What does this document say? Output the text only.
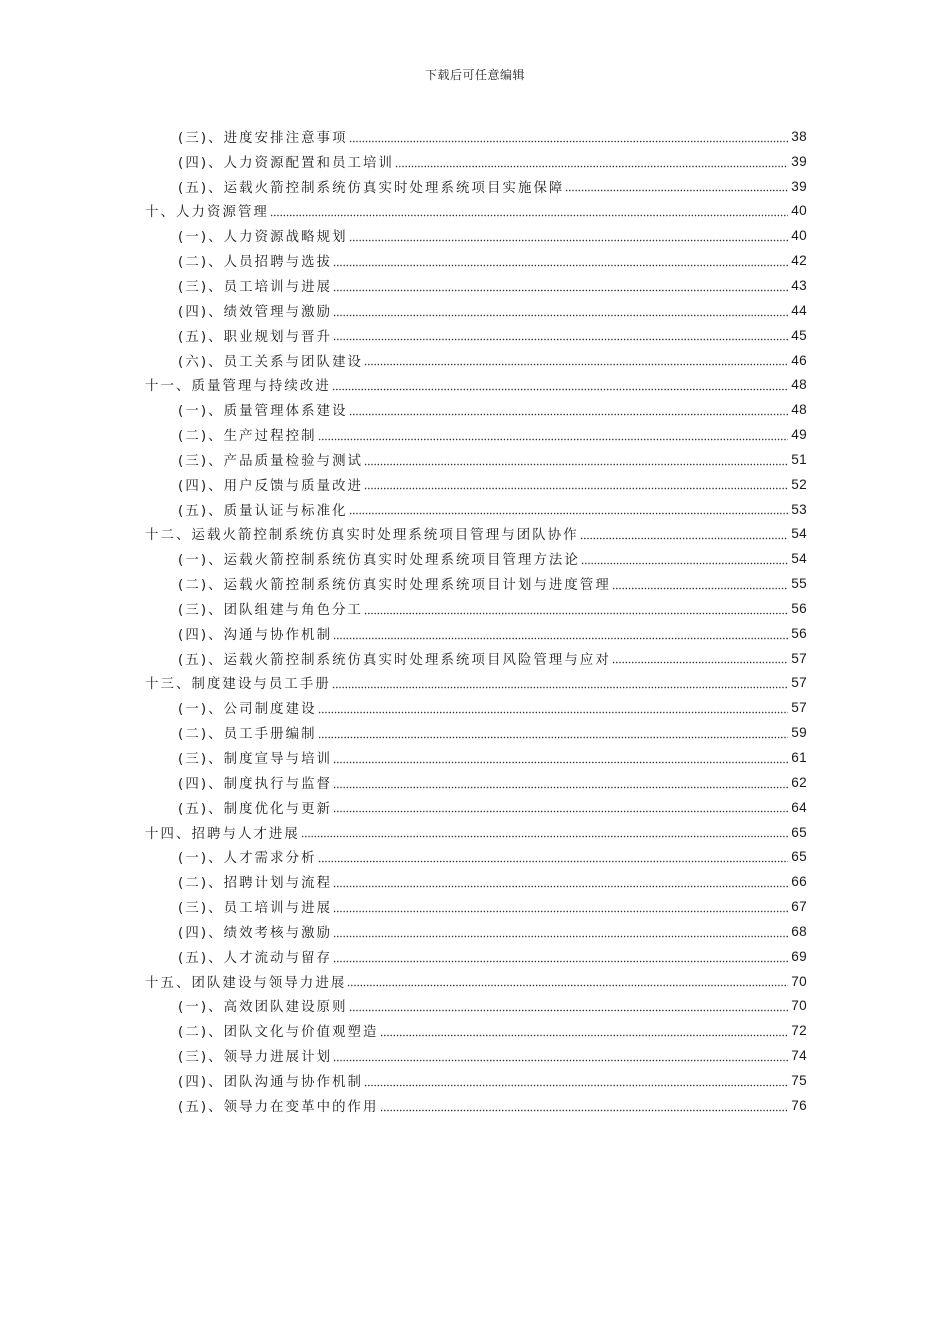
下载后可任意编辑
(三)、进度安排注意事项	38
(四)、人力资源配置和员工培训	39
(五)、运载火箭控制系统仿真实时处理系统项目实施保障	39
十、人力资源管理	40
(一)、人力资源战略规划	40
(二)、人员招聘与选拔	42
(三)、员工培训与进展	43
(四)、绩效管理与激励	44
(五)、职业规划与晋升	45
(六)、员工关系与团队建设	46
十一、质量管理与持续改进	48
(一)、质量管理体系建设	48
(二)、生产过程控制	49
(三)、产品质量检验与测试	51
(四)、用户反馈与质量改进	52
(五)、质量认证与标准化	53
十二、运载火箭控制系统仿真实时处理系统项目管理与团队协作	54
(一)、运载火箭控制系统仿真实时处理系统项目管理方法论	54
(二)、运载火箭控制系统仿真实时处理系统项目计划与进度管理	55
(三)、团队组建与角色分工	56
(四)、沟通与协作机制	56
(五)、运载火箭控制系统仿真实时处理系统项目风险管理与应对	57
十三、制度建设与员工手册	57
(一)、公司制度建设	57
(二)、员工手册编制	59
(三)、制度宣导与培训	61
(四)、制度执行与监督	62
(五)、制度优化与更新	64
十四、招聘与人才进展	65
(一)、人才需求分析	65
(二)、招聘计划与流程	66
(三)、员工培训与进展	67
(四)、绩效考核与激励	68
(五)、人才流动与留存	69
十五、团队建设与领导力进展	70
(一)、高效团队建设原则	70
(二)、团队文化与价值观塑造	72
(三)、领导力进展计划	74
(四)、团队沟通与协作机制	75
(五)、领导力在变革中的作用	76
